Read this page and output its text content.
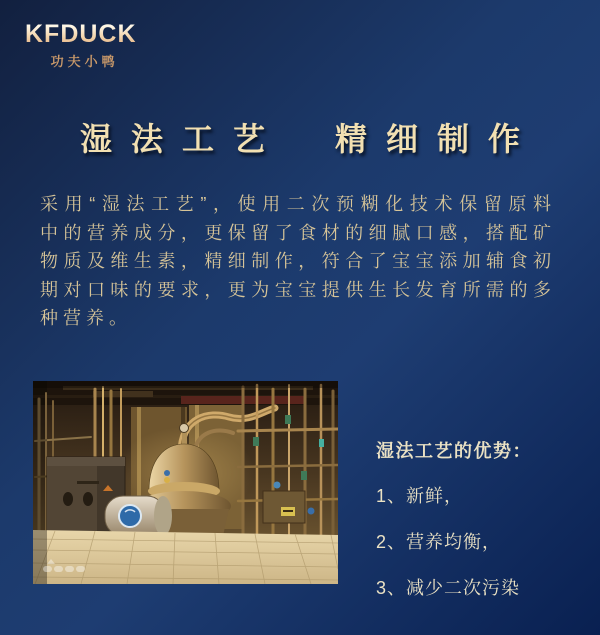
KFDUCK®
功夫小鸭
湿法工艺　精细制作
采用“湿法工艺”，使用二次预糊化技术保留原料
中的营养成分，更保留了食材的细腻口感，搭配矿
物质及维生素，精细制作，符合了宝宝添加辅食初
期对口味的要求，更为宝宝提供生长发育所需的多
种营养。
湿法工艺的优势：
1、新鲜，
2、营养均衡，
3、减少二次污染
